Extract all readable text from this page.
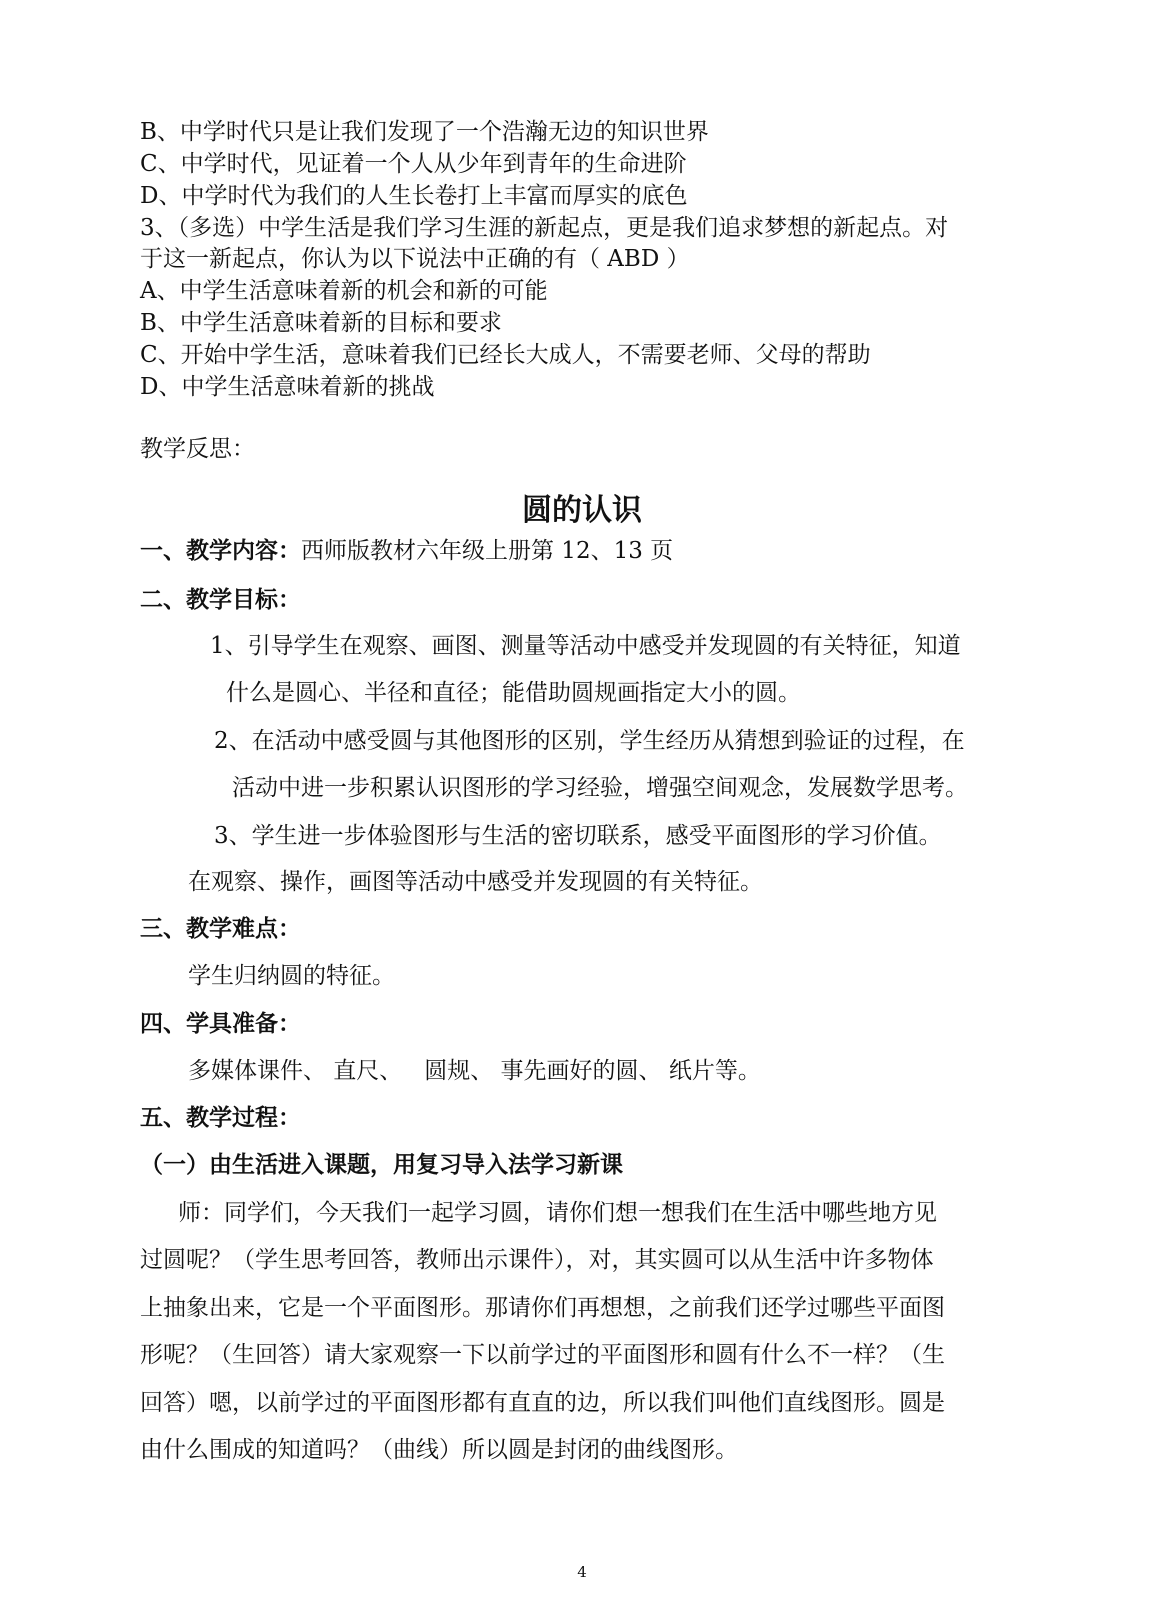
B、中学时代只是让我们发现了一个浩瀚无边的知识世界
C、中学时代，见证着一个人从少年到青年的生命进阶
D、中学时代为我们的人生长卷打上丰富而厚实的底色
3、（多选）中学生活是我们学习生涯的新起点，更是我们追求梦想的新起点。对
于这一新起点，你认为以下说法中正确的有（ ABD ）
A、中学生活意味着新的机会和新的可能
B、中学生活意味着新的目标和要求
C、开始中学生活，意味着我们已经长大成人，不需要老师、父母的帮助
D、中学生活意味着新的挑战
教学反思：
圆的认识
一、教学内容：西师版教材六年级上册第 12、13 页
二、教学目标：
1、引导学生在观察、画图、测量等活动中感受并发现圆的有关特征，知道
什么是圆心、半径和直径；能借助圆规画指定大小的圆。
2、在活动中感受圆与其他图形的区别，学生经历从猜想到验证的过程，在
活动中进一步积累认识图形的学习经验，增强空间观念，发展数学思考。
3、学生进一步体验图形与生活的密切联系，感受平面图形的学习价值。
在观察、操作，画图等活动中感受并发现圆的有关特征。
三、教学难点：
学生归纳圆的特征。
四、学具准备：
多媒体课件、 直尺、   圆规、 事先画好的圆、 纸片等。
五、教学过程：
（一）由生活进入课题，用复习导入法学习新课
师：同学们，今天我们一起学习圆，请你们想一想我们在生活中哪些地方见
过圆呢？（学生思考回答，教师出示课件），对，其实圆可以从生活中许多物体
上抽象出来，它是一个平面图形。那请你们再想想，之前我们还学过哪些平面图
形呢？（生回答）请大家观察一下以前学过的平面图形和圆有什么不一样？（生
回答）嗯，以前学过的平面图形都有直直的边，所以我们叫他们直线图形。圆是
由什么围成的知道吗？（曲线）所以圆是封闭的曲线图形。
4
